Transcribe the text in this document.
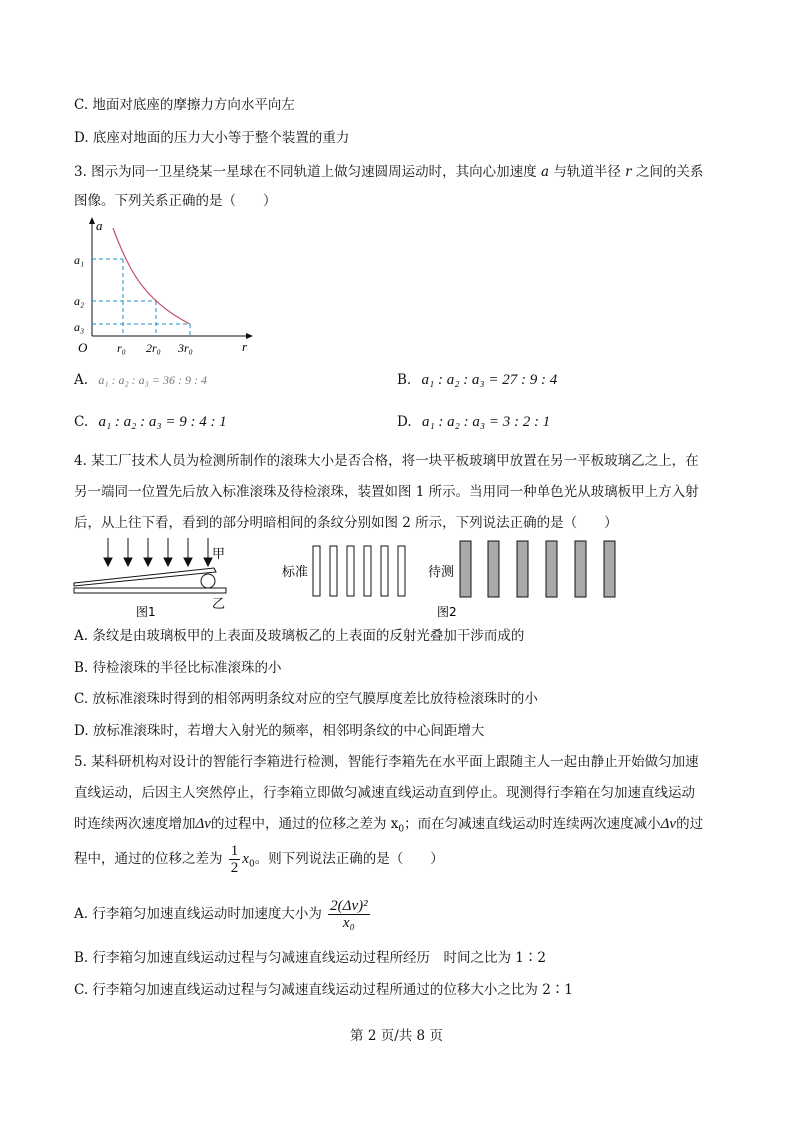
C. 地面对底座的摩擦力方向水平向左
D. 底座对地面的压力大小等于整个装置的重力
3. 图示为同一卫星绕某一星球在不同轨道上做匀速圆周运动时，其向心加速度 a 与轨道半径 r 之间的关系
图像。下列关系正确的是（　　）
a
r
O
a₁
a₂
a₃
r₀ 2r₀ 3r₀
A. a₁ : a₂ : a₃ = 36 : 9 : 4	B. a₁ : a₂ : a₃ = 27 : 9 : 4
C. a₁ : a₂ : a₃ = 9 : 4 : 1	D. a₁ : a₂ : a₃ = 3 : 2 : 1
4. 某工厂技术人员为检测所制作的滚珠大小是否合格，将一块平板玻璃甲放置在另一平板玻璃乙之上，在
另一端同一位置先后放入标准滚珠及待检滚珠，装置如图 1 所示。当用同一种单色光从玻璃板甲上方入射
后，从上往下看，看到的部分明暗相间的条纹分别如图 2 所示，下列说法正确的是（　　）
甲
乙
图1
标准	待测
图2
A. 条纹是由玻璃板甲的上表面及玻璃板乙的上表面的反射光叠加干涉而成的
B. 待检滚珠的半径比标准滚珠的小
C. 放标准滚珠时得到的相邻两明条纹对应的空气膜厚度差比放待检滚珠时的小
D. 放标准滚珠时，若增大入射光的频率，相邻明条纹的中心间距增大
5. 某科研机构对设计的智能行李箱进行检测，智能行李箱先在水平面上跟随主人一起由静止开始做匀加速
直线运动，后因主人突然停止，行李箱立即做匀减速直线运动直到停止。现测得行李箱在匀加速直线运动
时连续两次速度增加Δv的过程中，通过的位移之差为 $x_0$；而在匀减速直线运动时连续两次速度减小Δv的过
程中，通过的位移之差为 $\frac{1}{2} x_0$。则下列说法正确的是（　　）
A. 行李箱匀加速直线运动时加速度大小为 $\frac{\text{2(Δv)²}}{\text{x₀}}$
B. 行李箱匀加速直线运动过程与匀减速直线运动过程所经历　时间之比为 1∶2
C. 行李箱匀加速直线运动过程与匀减速直线运动过程所通过的位移大小之比为 2∶1
第 2 页/共 8 页
